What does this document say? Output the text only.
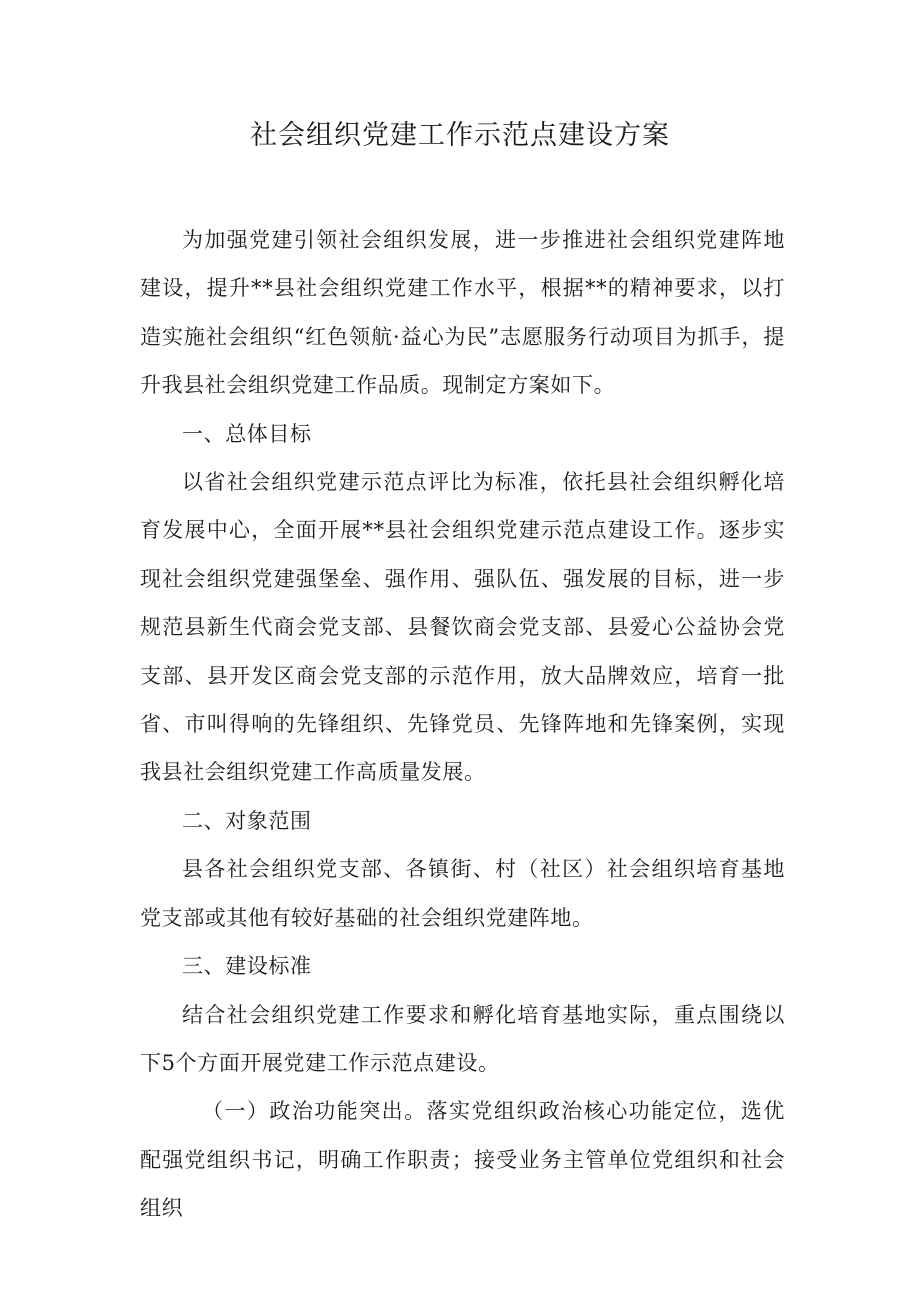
社会组织党建工作示范点建设方案

为加强党建引领社会组织发展，进一步推进社会组织党建阵地建设，提升**县社会组织党建工作水平，根据**的精神要求，以打造实施社会组织“红色领航·益心为民”志愿服务行动项目为抓手，提升我县社会组织党建工作品质。现制定方案如下。

一、总体目标

以省社会组织党建示范点评比为标准，依托县社会组织孵化培育发展中心，全面开展**县社会组织党建示范点建设工作。逐步实现社会组织党建强堡垒、强作用、强队伍、强发展的目标，进一步规范县新生代商会党支部、县餐饮商会党支部、县爱心公益协会党支部、县开发区商会党支部的示范作用，放大品牌效应，培育一批省、市叫得响的先锋组织、先锋党员、先锋阵地和先锋案例，实现我县社会组织党建工作高质量发展。

二、对象范围

县各社会组织党支部、各镇街、村（社区）社会组织培育基地党支部或其他有较好基础的社会组织党建阵地。

三、建设标准

结合社会组织党建工作要求和孵化培育基地实际，重点围绕以下5个方面开展党建工作示范点建设。

（一）政治功能突出。落实党组织政治核心功能定位，选优配强党组织书记，明确工作职责；接受业务主管单位党组织和社会组织
